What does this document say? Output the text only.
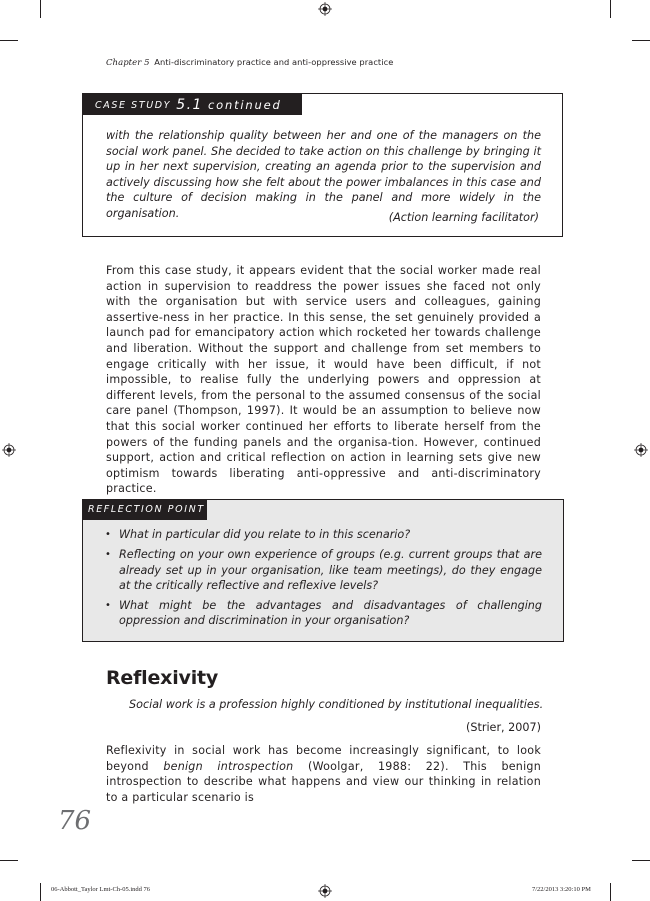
Chapter 5 Anti-discriminatory practice and anti-oppressive practice
CASE STUDY 5.1 continued

with the relationship quality between her and one of the managers on the social work panel. She decided to take action on this challenge by bringing it up in her next supervision, creating an agenda prior to the supervision and actively discussing how she felt about the power imbalances in this case and the culture of decision making in the panel and more widely in the organisation.	(Action learning facilitator)

From this case study, it appears evident that the social worker made real action in supervision to readdress the power issues she faced not only with the organisation but with service users and colleagues, gaining assertive-ness in her practice. In this sense, the set genuinely provided a launch pad for emancipatory action which rocketed her towards challenge and liberation. Without the support and challenge from set members to engage critically with her issue, it would have been difficult, if not impossible, to realise fully the underlying powers and oppression at different levels, from the personal to the assumed consensus of the social care panel (Thompson, 1997). It would be an assumption to believe now that this social worker continued her efforts to liberate herself from the powers of the funding panels and the organisa-tion. However, continued support, action and critical reflection on action in learning sets give new optimism towards liberating anti-oppressive and anti-discriminatory practice.

REFLECTION POINT
• What in particular did you relate to in this scenario?
• Reflecting on your own experience of groups (e.g. current groups that are already set up in your organisation, like team meetings), do they engage at the critically reflective and reflexive levels?
• What might be the advantages and disadvantages of challenging oppression and discrimination in your organisation?
Reflexivity

Social work is a profession highly conditioned by institutional inequalities.

(Strier, 2007)

Reflexivity in social work has become increasingly significant, to look beyond benign introspection (Woolgar, 1988: 22). This benign introspection to describe what happens and view our thinking in relation to a particular scenario is

76

06-Abbott_Taylor Lmt-Ch-05.indd 76	7/22/2013 3:20:10 PM
